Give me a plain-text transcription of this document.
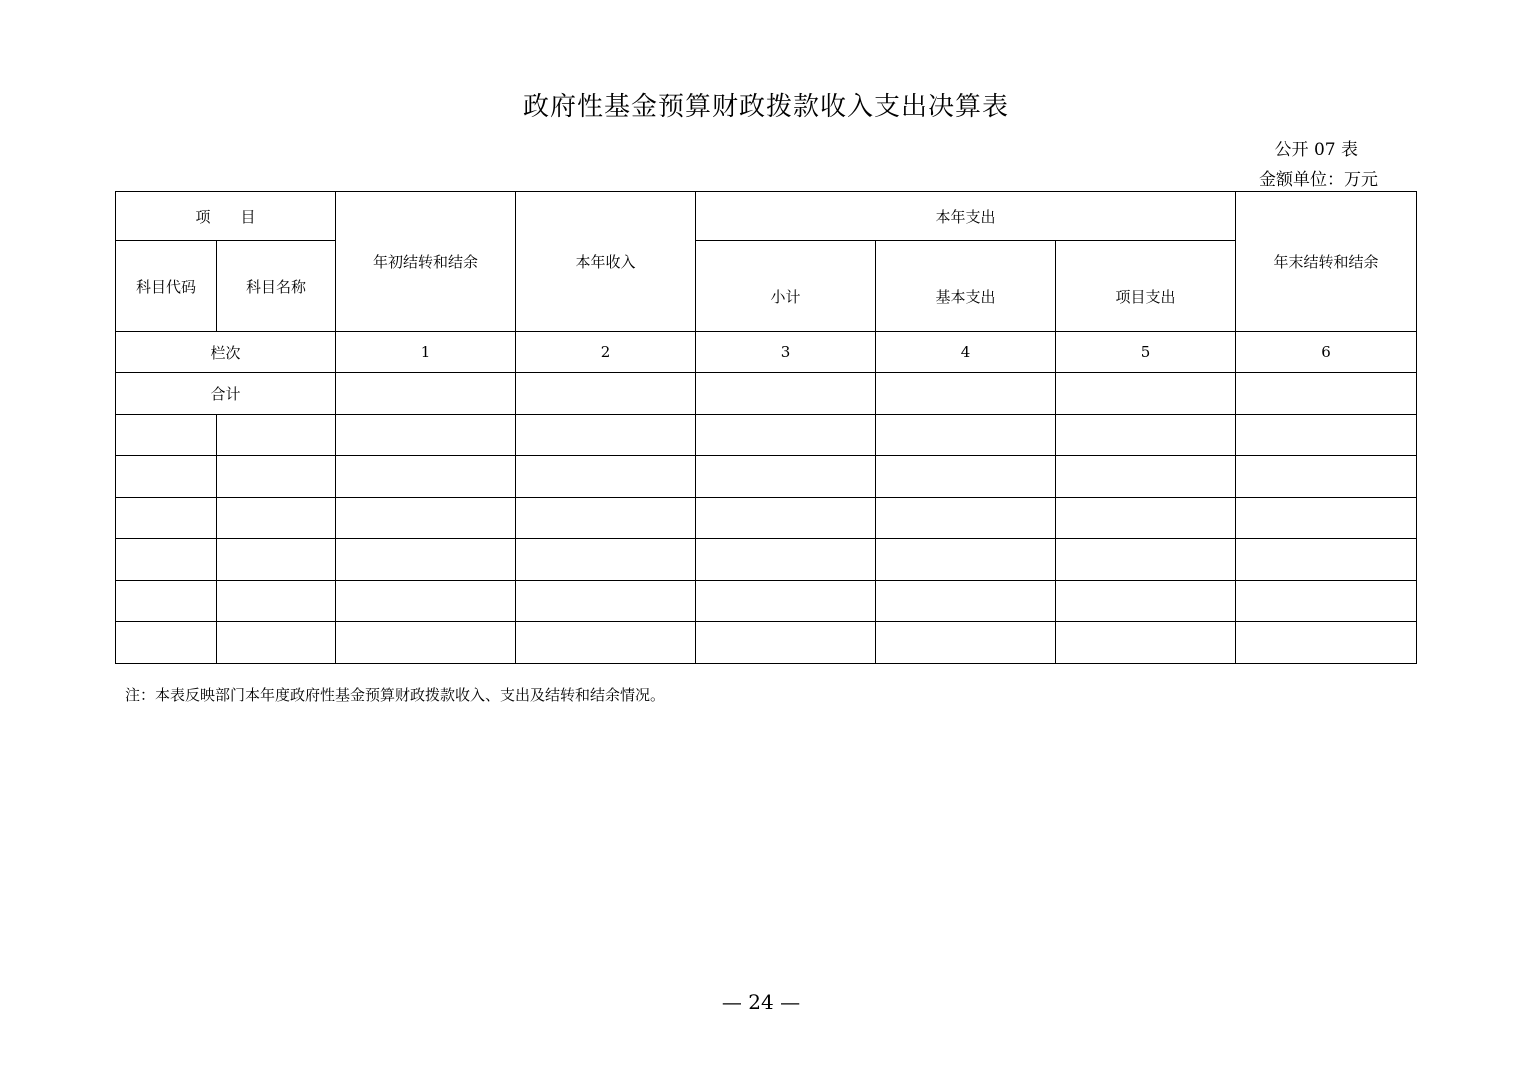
政府性基金预算财政拨款收入支出决算表
公开 07 表
金额单位：万元
项　　目		年初结转和结余	本年收入	本年支出			年末结转和结余
科目代码	科目名称			小计	基本支出	项目支出	
栏次		1	2	3	4	5	6
合计							

注：本表反映部门本年度政府性基金预算财政拨款收入、支出及结转和结余情况。
— 24 —
